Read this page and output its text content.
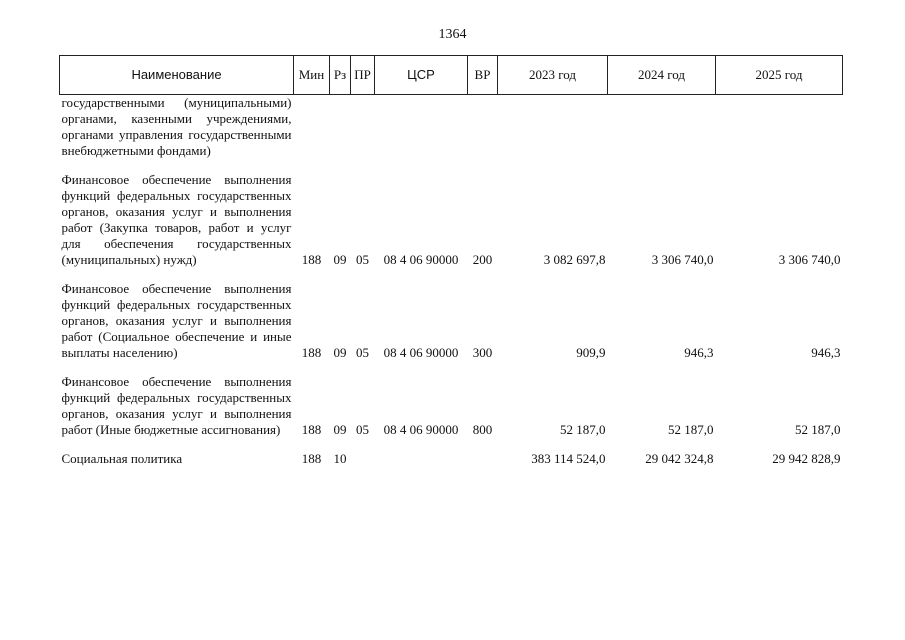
1364
Наименование	Мин	Рз	ПР	ЦСР	ВР	2023 год	2024 год	2025 год
государственными (муниципальными) органами, казенными учреждениями, органами управления государственными внебюджетными фондами)								
Финансовое обеспечение выполнения функций федеральных государственных органов, оказания услуг и выполнения работ (Закупка товаров, работ и услуг для обеспечения государственных (муниципальных) нужд)	188	09	05	08 4 06 90000	200	3 082 697,8	3 306 740,0	3 306 740,0
Финансовое обеспечение выполнения функций федеральных государственных органов, оказания услуг и выполнения работ (Социальное обеспечение и иные выплаты населению)	188	09	05	08 4 06 90000	300	909,9	946,3	946,3
Финансовое обеспечение выполнения функций федеральных государственных органов, оказания услуг и выполнения работ (Иные бюджетные ассигнования)	188	09	05	08 4 06 90000	800	52 187,0	52 187,0	52 187,0
Социальная политика	188	10				383 114 524,0	29 042 324,8	29 942 828,9
